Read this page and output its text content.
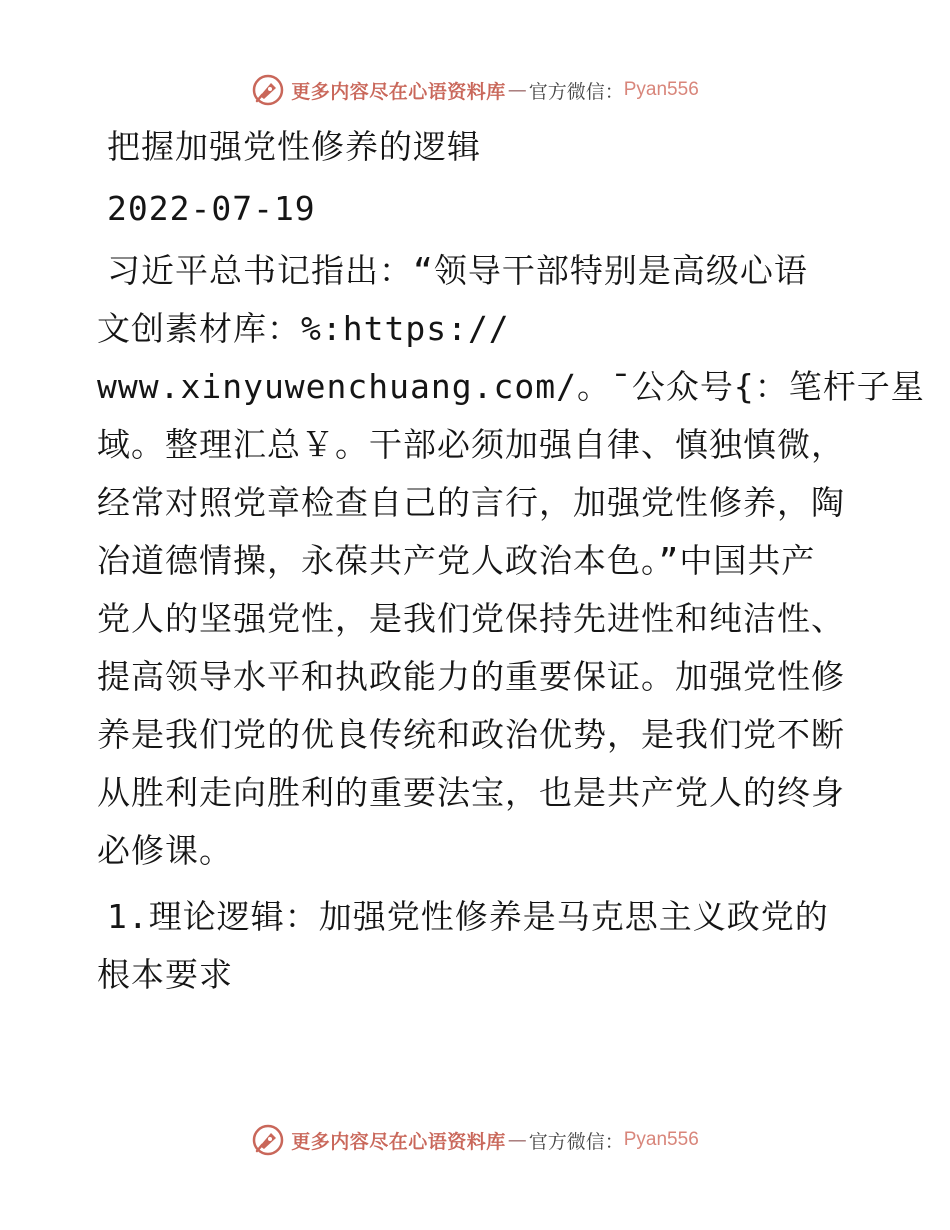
更多内容尽在心语资料库 — 官方微信： Pyan556
把握加强党性修养的逻辑
2022-07-19
习近平总书记指出：“领导干部特别是高级心语
文创素材库：%:https://
www.xinyuwenchuang.com/。¯公众号{：笔杆子星
域。整理汇总￥。干部必须加强自律、慎独慎微，
经常对照党章检查自己的言行，加强党性修养，陶
冶道德情操，永葆共产党人政治本色。”中国共产
党人的坚强党性，是我们党保持先进性和纯洁性、
提高领导水平和执政能力的重要保证。加强党性修
养是我们党的优良传统和政治优势，是我们党不断
从胜利走向胜利的重要法宝，也是共产党人的终身
必修课。
1.理论逻辑：加强党性修养是马克思主义政党的
根本要求
更多内容尽在心语资料库 — 官方微信： Pyan556
